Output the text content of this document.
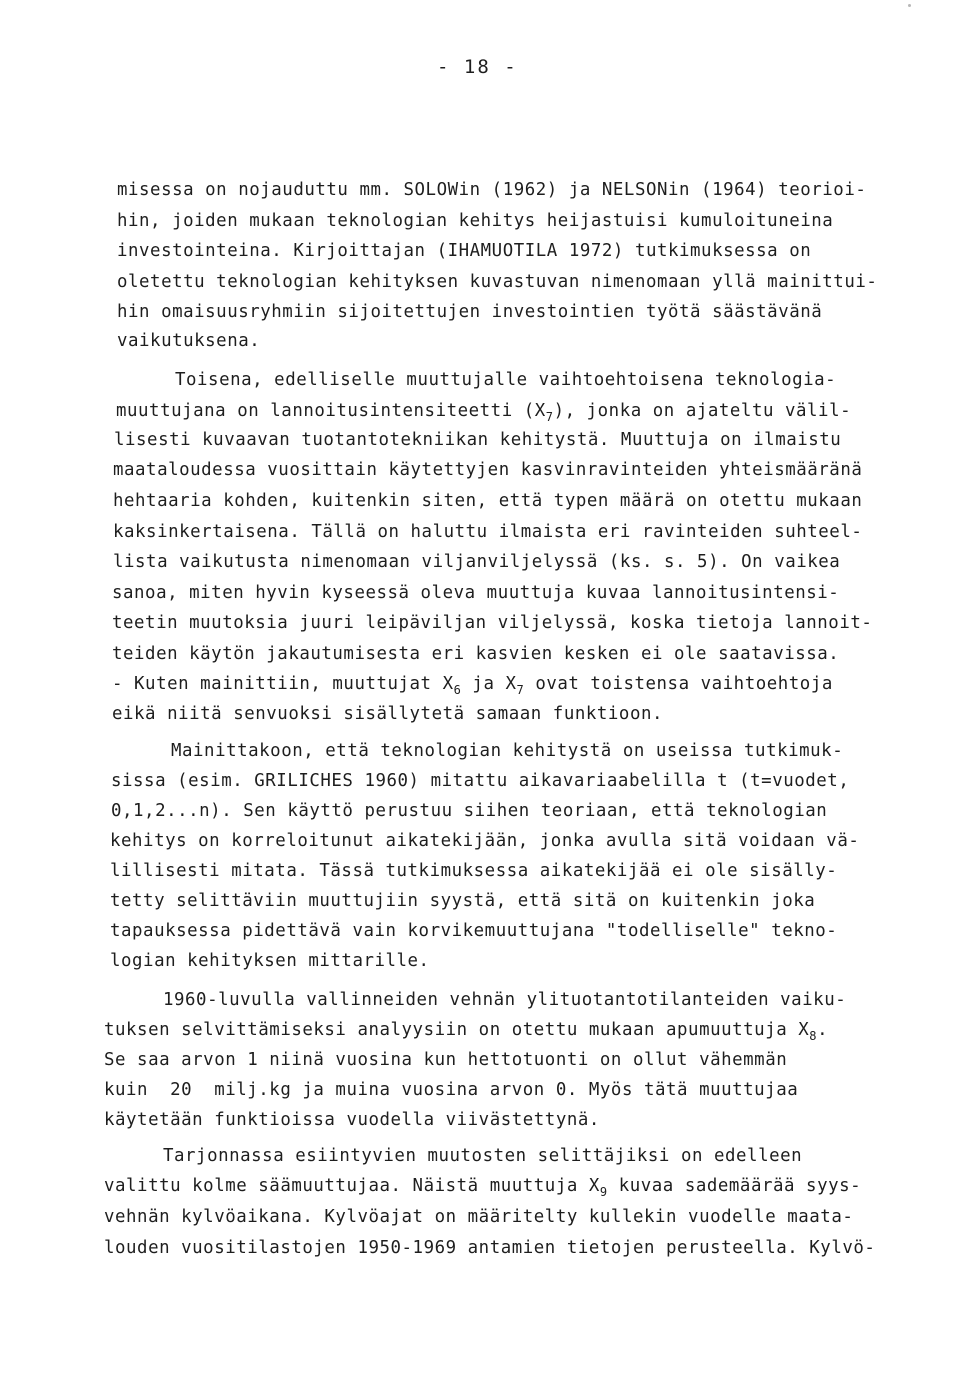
- 18 -
misessa on nojauduttu mm. SOLOWin (1962) ja NELSONin (1964) teorioi-
hin, joiden mukaan teknologian kehitys heijastuisi kumuloituneina
investointeina. Kirjoittajan (IHAMUOTILA 1972) tutkimuksessa on
oletettu teknologian kehityksen kuvastuvan nimenomaan yllä mainittui-
hin omaisuusryhmiin sijoitettujen investointien työtä säästävänä
vaikutuksena.
Toisena, edelliselle muuttujalle vaihtoehtoisena teknologia-
muuttujana on lannoitusintensiteetti $(X_7)$, jonka on ajateltu välil-
lisesti kuvaavan tuotantotekniikan kehitystä. Muuttuja on ilmaistu
maataloudessa vuosittain käytettyjen kasvinravinteiden yhteismääränä
hehtaaria kohden, kuitenkin siten, että typen määrä on otettu mukaan
kaksinkertaisena. Tällä on haluttu ilmaista eri ravinteiden suhteel-
lista vaikutusta nimenomaan viljanviljelyssä (ks. s. 5). On vaikea
sanoa, miten hyvin kyseessä oleva muuttuja kuvaa lannoitusintensi-
teetin muutoksia juuri leipäviljan viljelyssä, koska tietoja lannoit-
teiden käytön jakautumisesta eri kasvien kesken ei ole saatavissa.
- Kuten mainittiin, muuttujat $X_6$ ja $X_7$ ovat toistensa vaihtoehtoja
eikä niitä senvuoksi sisällytetä samaan funktioon.
Mainittakoon, että teknologian kehitystä on useissa tutkimuk-
sissa (esim. GRILICHES 1960) mitattu aikavariaabelilla t (t=vuodet,
0,1,2...n). Sen käyttö perustuu siihen teoriaan, että teknologian
kehitys on korreloitunut aikatekijään, jonka avulla sitä voidaan vä-
lillisesti mitata. Tässä tutkimuksessa aikatekijää ei ole sisälly-
tetty selittäviin muuttujiin syystä, että sitä on kuitenkin joka
tapauksessa pidettävä vain korvikemuuttujana "todelliselle" tekno-
logian kehityksen mittarille.
1960-luvulla vallinneiden vehnän ylituotantotilanteiden vaiku-
tuksen selvittämiseksi analyysiin on otettu mukaan apumuuttuja $X_8$.
Se saa arvon 1 niinä vuosina kun hettotuonti on ollut vähemmän
kuin  20  milj.kg ja muina vuosina arvon 0. Myös tätä muuttujaa
käytetään funktioissa vuodella viivästettynä.
Tarjonnassa esiintyvien muutosten selittäjiksi on edelleen
valittu kolme säämuuttujaa. Näistä muuttuja $X_9$ kuvaa sademäärää syys-
vehnän kylvöaikana. Kylvöajat on määritelty kullekin vuodelle maata-
louden vuositilastojen 1950-1969 antamien tietojen perusteella. Kylvö-
